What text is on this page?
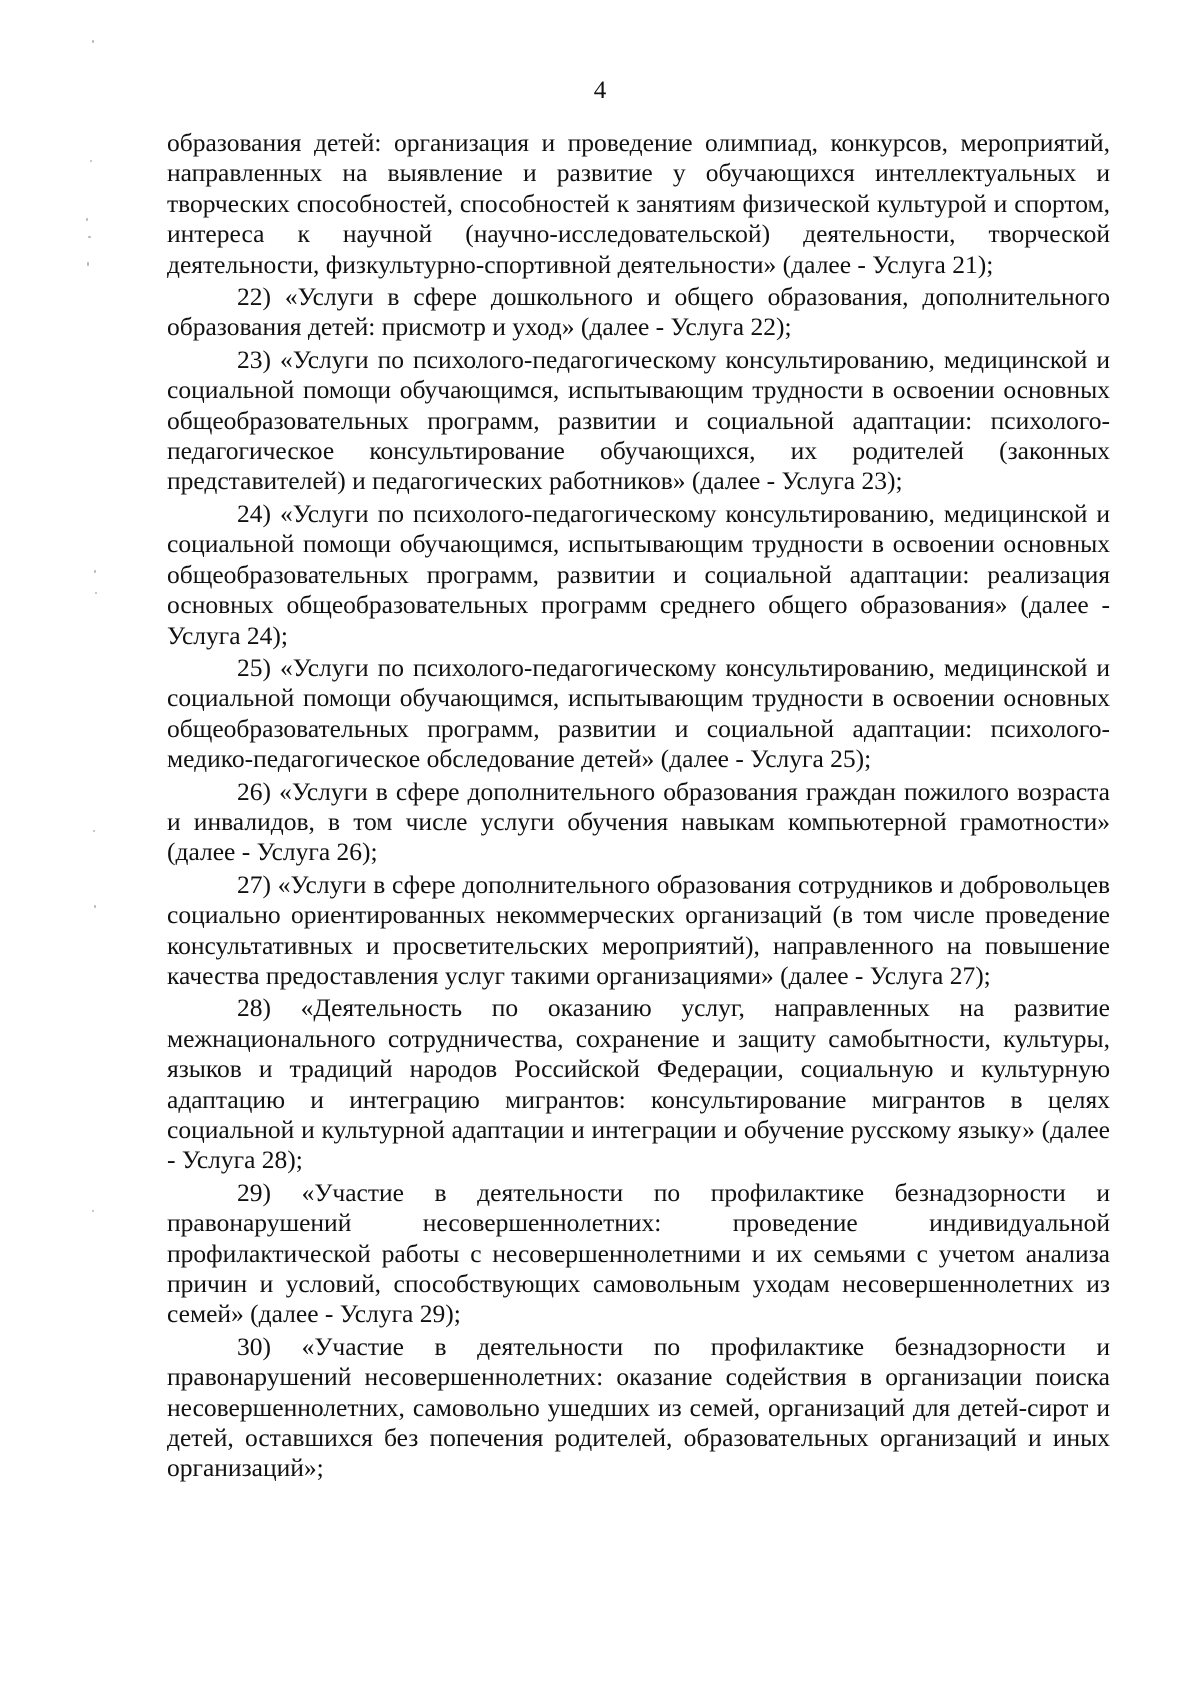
4

образования детей: организация и проведение олимпиад, конкурсов, мероприятий, направленных на выявление и развитие у обучающихся интеллектуальных и творческих способностей, способностей к занятиям физической культурой и спортом, интереса к научной (научно-исследовательской) деятельности, творческой деятельности, физкультурно-спортивной деятельности» (далее - Услуга 21);

22) «Услуги в сфере дошкольного и общего образования, дополнительного образования детей: присмотр и уход» (далее - Услуга 22);

23) «Услуги по психолого-педагогическому консультированию, медицинской и социальной помощи обучающимся, испытывающим трудности в освоении основных общеобразовательных программ, развитии и социальной адаптации: психолого-педагогическое консультирование обучающихся, их родителей (законных представителей) и педагогических работников» (далее - Услуга 23);

24) «Услуги по психолого-педагогическому консультированию, медицинской и социальной помощи обучающимся, испытывающим трудности в освоении основных общеобразовательных программ, развитии и социальной адаптации: реализация основных общеобразовательных программ среднего общего образования» (далее - Услуга 24);

25) «Услуги по психолого-педагогическому консультированию, медицинской и социальной помощи обучающимся, испытывающим трудности в освоении основных общеобразовательных программ, развитии и социальной адаптации: психолого-медико-педагогическое обследование детей» (далее - Услуга 25);

26) «Услуги в сфере дополнительного образования граждан пожилого возраста и инвалидов, в том числе услуги обучения навыкам компьютерной грамотности» (далее - Услуга 26);

27) «Услуги в сфере дополнительного образования сотрудников и добровольцев социально ориентированных некоммерческих организаций (в том числе проведение консультативных и просветительских мероприятий), направленного на повышение качества предоставления услуг такими организациями» (далее - Услуга 27);

28) «Деятельность по оказанию услуг, направленных на развитие межнационального сотрудничества, сохранение и защиту самобытности, культуры, языков и традиций народов Российской Федерации, социальную и культурную адаптацию и интеграцию мигрантов: консультирование мигрантов в целях социальной и культурной адаптации и интеграции и обучение русскому языку» (далее - Услуга 28);

29) «Участие в деятельности по профилактике безнадзорности и правонарушений несовершеннолетних: проведение индивидуальной профилактической работы с несовершеннолетними и их семьями с учетом анализа причин и условий, способствующих самовольным уходам несовершеннолетних из семей» (далее - Услуга 29);

30) «Участие в деятельности по профилактике безнадзорности и правонарушений несовершеннолетних: оказание содействия в организации поиска несовершеннолетних, самовольно ушедших из семей, организаций для детей-сирот и детей, оставшихся без попечения родителей, образовательных организаций и иных организаций»;
